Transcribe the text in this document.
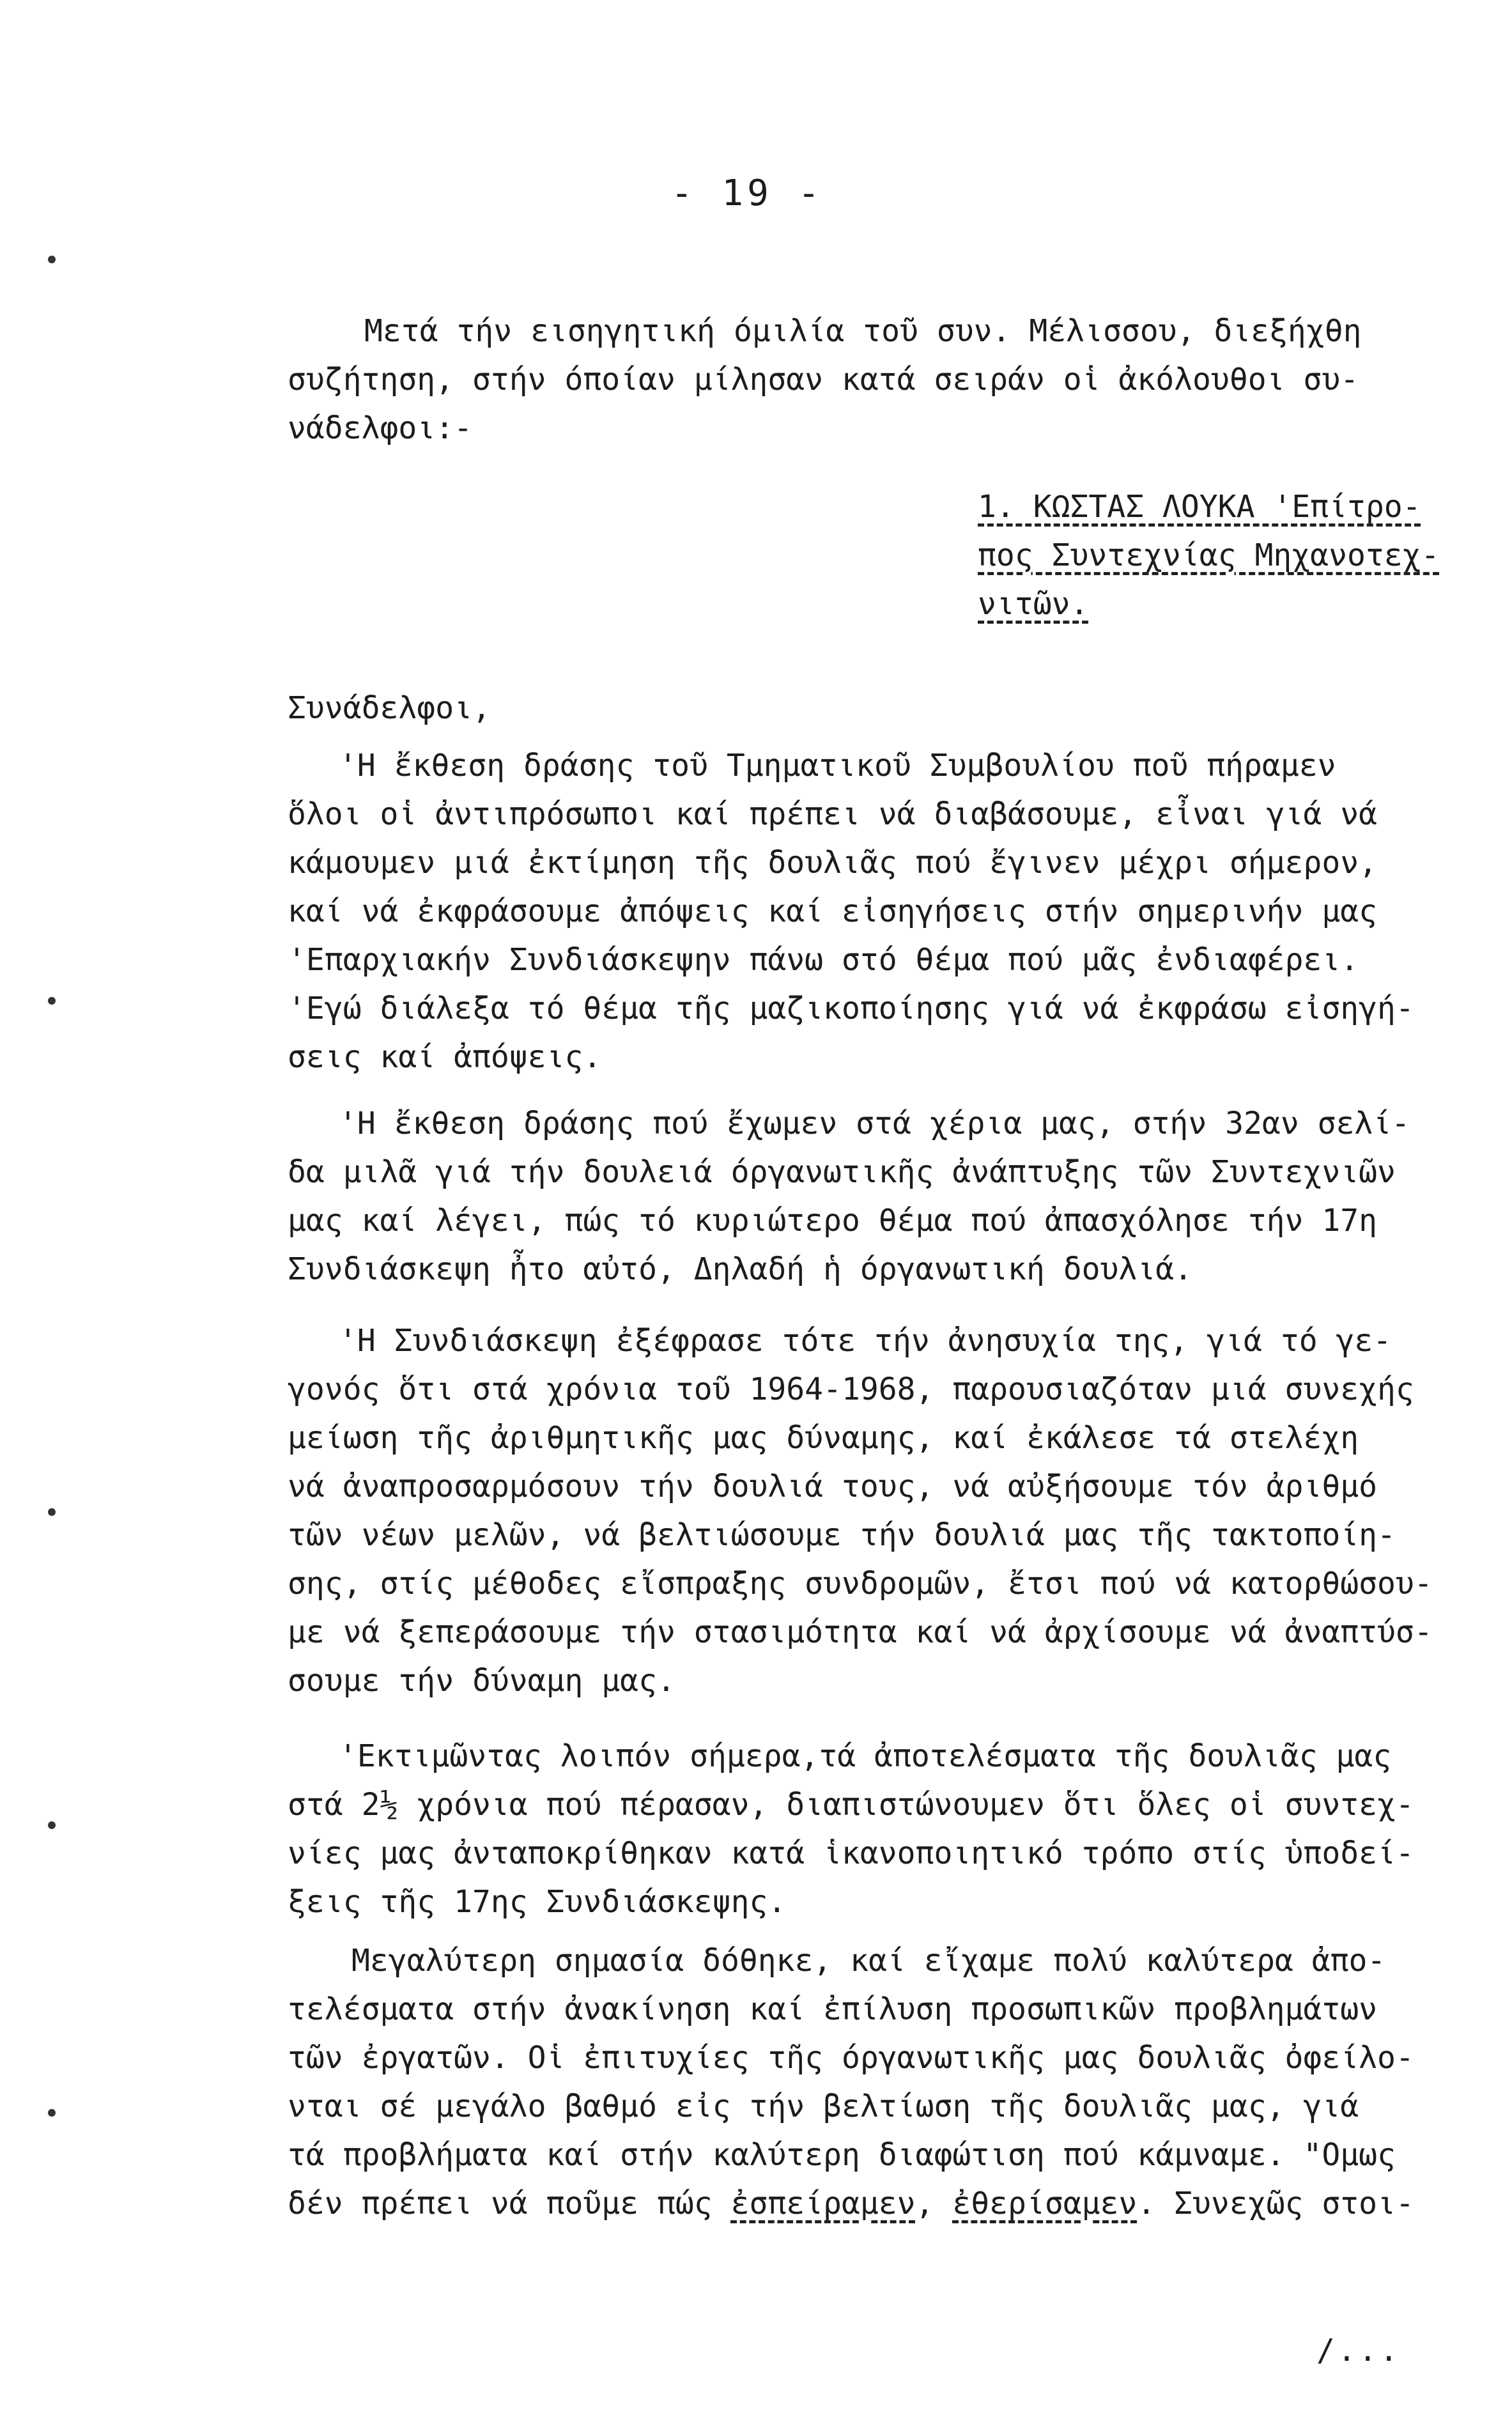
- 19 -
Μετά τήν εισηγητική όμιλία τοῦ συν. Μέλισσου, διεξήχθη
συζήτηση, στήν όποίαν μίλησαν κατά σειράν οἱ ἀκόλουθοι συ-
νάδελφοι:-
1. ΚΩΣΤΑΣ ΛΟΥΚΑ 'Επίτρο-
πος Συντεχνίας Μηχανοτεχ-
νιτῶν.
Συνάδελφοι,
'Η ἔκθεση δράσης τοῦ Τμηματικοῦ Συμβουλίου ποῦ πήραμεν
ὅλοι οἱ ἀντιπρόσωποι καί πρέπει νά διαβάσουμε, εἶναι γιά νά
κάμουμεν μιά ἐκτίμηση τῆς δουλιᾶς πού ἔγινεν μέχρι σήμερον,
καί νά ἐκφράσουμε ἀπόψεις καί εἰσηγήσεις στήν σημερινήν μας
'Επαρχιακήν Συνδιάσκεψην πάνω στό θέμα πού μᾶς ἐνδιαφέρει.
'Εγώ διάλεξα τό θέμα τῆς μαζικοποίησης γιά νά ἐκφράσω εἰσηγή-
σεις καί ἀπόψεις.
'Η ἔκθεση δράσης πού ἔχωμεν στά χέρια μας, στήν 32αν σελί-
δα μιλᾶ γιά τήν δουλειά όργανωτικῆς ἀνάπτυξης τῶν Συντεχνιῶν
μας καί λέγει, πώς τό κυριώτερο θέμα πού ἀπασχόλησε τήν 17η
Συνδιάσκεψη ἦτο αὐτό, Δηλαδή ἡ όργανωτική δουλιά.
'Η Συνδιάσκεψη ἐξέφρασε τότε τήν ἀνησυχία της, γιά τό γε-
γονός ὅτι στά χρόνια τοῦ 1964-1968, παρουσιαζόταν μιά συνεχής
μείωση τῆς ἀριθμητικῆς μας δύναμης, καί ἐκάλεσε τά στελέχη
νά ἀναπροσαρμόσουν τήν δουλιά τους, νά αὐξήσουμε τόν ἀριθμό
τῶν νέων μελῶν, νά βελτιώσουμε τήν δουλιά μας τῆς τακτοποίη-
σης, στίς μέθοδες εἴσπραξης συνδρομῶν, ἔτσι πού νά κατορθώσου-
με νά ξεπεράσουμε τήν στασιμότητα καί νά ἀρχίσουμε νά ἀναπτύσ-
σουμε τήν δύναμη μας.
'Εκτιμῶντας λοιπόν σήμερα,τά ἀποτελέσματα τῆς δουλιᾶς μας
στά 2½ χρόνια πού πέρασαν, διαπιστώνουμεν ὅτι ὅλες οἱ συντεχ-
νίες μας ἀνταποκρίθηκαν κατά ἱκανοποιητικό τρόπο στίς ὑποδεί-
ξεις τῆς 17ης Συνδιάσκεψης.
Μεγαλύτερη σημασία δόθηκε, καί εἴχαμε πολύ καλύτερα ἀπο-
τελέσματα στήν ἀνακίνηση καί ἐπίλυση προσωπικῶν προβλημάτων
τῶν ἐργατῶν. Οἱ ἐπιτυχίες τῆς όργανωτικῆς μας δουλιᾶς ὀφείλο-
νται σέ μεγάλο βαθμό εἰς τήν βελτίωση τῆς δουλιᾶς μας, γιά
τά προβλήματα καί στήν καλύτερη διαφώτιση πού κάμναμε. "Ομως
δέν πρέπει νά ποῦμε πώς ἐσπείραμεν, ἐθερίσαμεν. Συνεχῶς στοι-
/...
